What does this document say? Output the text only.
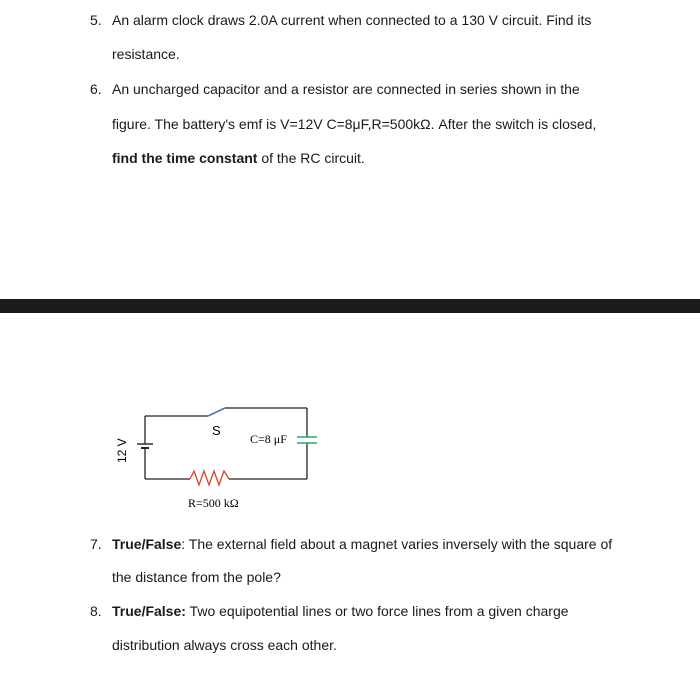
5. An alarm clock draws 2.0A current when connected to a 130 V circuit. Find its
resistance.
6. An uncharged capacitor and a resistor are connected in series shown in the
figure. The battery's emf is V=12V C=8μF,R=500kΩ. After the switch is closed,
find the time constant of the RC circuit.
S
C=8 μF
R=500 kΩ
12 V
7. True/False: The external field about a magnet varies inversely with the square of
the distance from the pole?
8. True/False: Two equipotential lines or two force lines from a given charge
distribution always cross each other.
